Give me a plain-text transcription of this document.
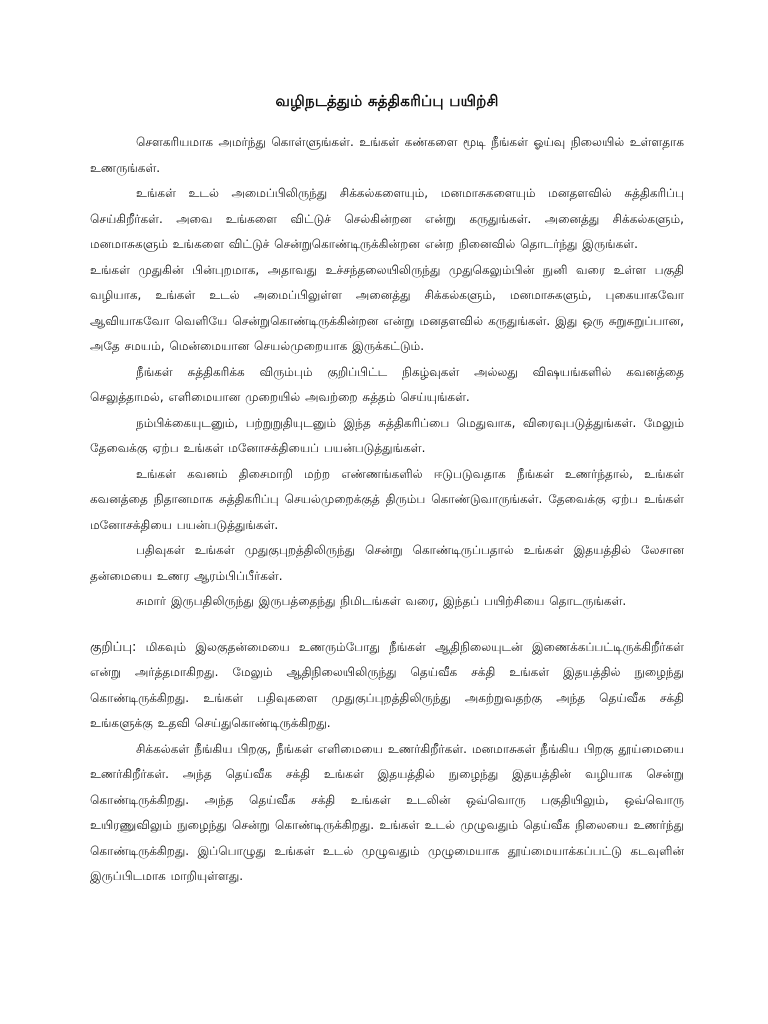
வழிநடத்தும் சுத்திகரிப்பு பயிற்சி

சௌகரியமாக அமர்ந்து கொள்ளுங்கள். உங்கள் கண்களை மூடி நீங்கள் ஓய்வு நிலையில் உள்ளதாக உணருங்கள்.

உங்கள் உடல் அமைப்பிலிருந்து சிக்கல்களையும், மனமாசுகளையும் மனதளவில் சுத்திகரிப்பு செய்கிறீர்கள். அவை உங்களை விட்டுச் செல்கின்றன என்று கருதுங்கள். அனைத்து சிக்கல்களும், மனமாசுகளும் உங்களை விட்டுச் சென்றுகொண்டிருக்கின்றன என்ற நினைவில் தொடர்ந்து இருங்கள்.

உங்கள் முதுகின் பின்புறமாக, அதாவது உச்சந்தலையிலிருந்து முதுகெலும்பின் நுனி வரை உள்ள பகுதி வழியாக, உங்கள் உடல் அமைப்பிலுள்ள அனைத்து சிக்கல்களும், மனமாசுகளும், புகையாகவோ ஆவியாகவோ வெளியே சென்றுகொண்டிருக்கின்றன என்று மனதளவில் கருதுங்கள். இது ஒரு சுறுசுறுப்பான, அதே சமயம், மென்மையான செயல்முறையாக இருக்கட்டும்.

நீங்கள் சுத்திகரிக்க விரும்பும் குறிப்பிட்ட நிகழ்வுகள் அல்லது விஷயங்களில் கவனத்தை செலுத்தாமல், எளிமையான முறையில் அவற்றை சுத்தம் செய்யுங்கள்.

நம்பிக்கையுடனும், பற்றுறுதியுடனும் இந்த சுத்திகரிப்பை மெதுவாக, விரைவுபடுத்துங்கள். மேலும் தேவைக்கு ஏற்ப உங்கள் மனோசக்தியைப் பயன்படுத்துங்கள்.

உங்கள் கவனம் திசைமாறி மற்ற எண்ணங்களில் ஈடுபடுவதாக நீங்கள் உணர்ந்தால், உங்கள் கவனத்தை நிதானமாக சுத்திகரிப்பு செயல்முறைக்குத் திரும்ப கொண்டுவாருங்கள். தேவைக்கு ஏற்ப உங்கள் மனோசக்தியை பயன்படுத்துங்கள்.

பதிவுகள் உங்கள் முதுகுபுறத்திலிருந்து சென்று கொண்டிருப்பதால் உங்கள் இதயத்தில் லேசான தன்மையை உணர ஆரம்பிப்பீர்கள்.

சுமார் இருபதிலிருந்து இருபத்தைந்து நிமிடங்கள் வரை, இந்தப் பயிற்சியை தொடருங்கள்.

குறிப்பு: மிகவும் இலகுதன்மையை உணரும்போது நீங்கள் ஆதிநிலையுடன் இணைக்கப்பட்டிருக்கிறீர்கள் என்று அர்த்தமாகிறது. மேலும் ஆதிநிலையிலிருந்து தெய்வீக சக்தி உங்கள் இதயத்தில் நுழைந்து கொண்டிருக்கிறது. உங்கள் பதிவுகளை முதுகுப்புறத்திலிருந்து அகற்றுவதற்கு அந்த தெய்வீக சக்தி உங்களுக்கு உதவி செய்துகொண்டிருக்கிறது.

சிக்கல்கள் நீங்கிய பிறகு, நீங்கள் எளிமையை உணர்கிறீர்கள். மனமாசுகள் நீங்கிய பிறகு தூய்மையை உணர்கிறீர்கள். அந்த தெய்வீக சக்தி உங்கள் இதயத்தில் நுழைந்து இதயத்தின் வழியாக சென்று கொண்டிருக்கிறது. அந்த தெய்வீக சக்தி உங்கள் உடலின் ஒவ்வொரு பகுதியிலும், ஒவ்வொரு உயிரணுவிலும் நுழைந்து சென்று கொண்டிருக்கிறது. உங்கள் உடல் முழுவதும் தெய்வீக நிலையை உணர்ந்து கொண்டிருக்கிறது. இப்பொழுது உங்கள் உடல் முழுவதும் முழுமையாக தூய்மையாக்கப்பட்டு கடவுளின் இருப்பிடமாக மாறியுள்ளது.
